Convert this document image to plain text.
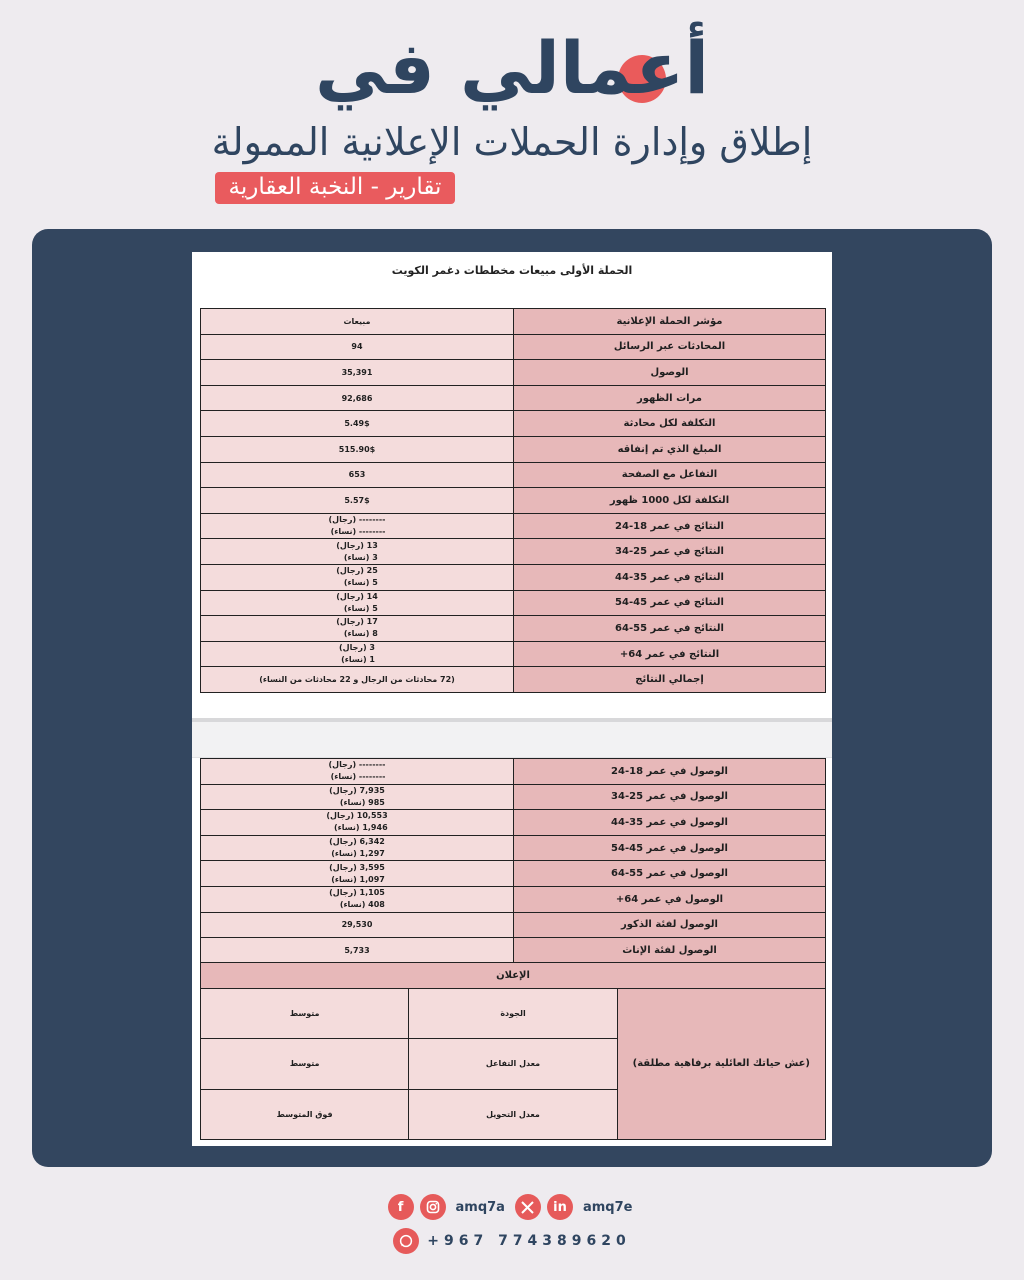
أعمالي في
إطلاق وإدارة الحملات الإعلانية الممولة
تقارير - النخبة العقارية
الحملة الأولى مبيعات مخططات دغمر الكويت
مؤشر الحملة الإعلانية	مبيعات
المحادثات عبر الرسائل	94
الوصول	35,391
مرات الظهور	92,686
التكلفة لكل محادثة	5.49$
المبلغ الذي تم إنفاقه	515.90$
التفاعل مع الصفحة	653
التكلفة لكل 1000 ظهور	5.57$
النتائج في عمر 18-24	-------- (رجال)
-------- (نساء)

النتائج في عمر 25-34	13 (رجال)
3 (نساء)

النتائج في عمر 35-44	25 (رجال)
5 (نساء)

النتائج في عمر 45-54	14 (رجال)
5 (نساء)

النتائج في عمر 55-64	17 (رجال)
8 (نساء)

النتائج في عمر 64+	3 (رجال)
1 (نساء)

إجمالي النتائج	(72 محادثات من الرجال و 22 محادثات من النساء)
الوصول في عمر 18-24	-------- (رجال)
-------- (نساء)

الوصول في عمر 25-34	7,935 (رجال)
985 (نساء)

الوصول في عمر 35-44	10,553 (رجال)
1,946 (نساء)

الوصول في عمر 45-54	6,342 (رجال)
1,297 (نساء)

الوصول في عمر 55-64	3,595 (رجال)
1,097 (نساء)

الوصول في عمر 64+	1,105 (رجال)
408 (نساء)

الوصول لفئة الذكور	29,530
الوصول لفئة الإناث	5,733
الإعلان		
(عش حياتك العائلية برفاهية مطلقة)	الجودة	متوسط
	معدل التفاعل	متوسط
	معدل التحويل	فوق المتوسط
f	amq7a	in	amq7e
+967 774389620
